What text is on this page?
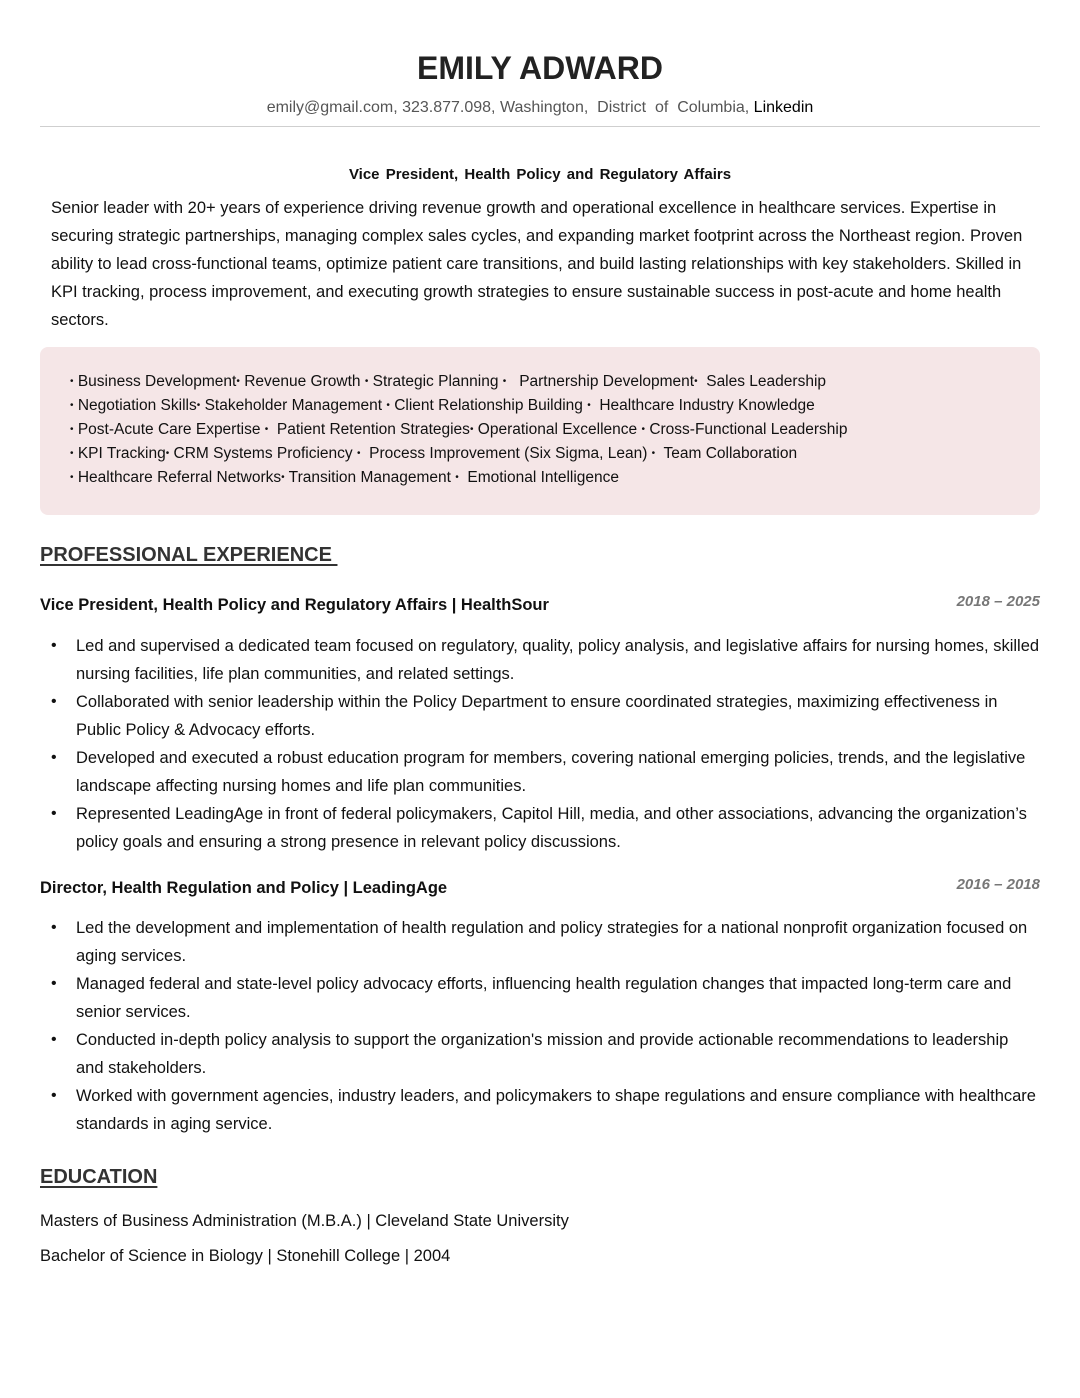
EMILY ADWARD
emily@gmail.com, 323.877.098, Washington,  District  of  Columbia, Linkedin
Vice President, Health Policy and Regulatory Affairs
Senior leader with 20+ years of experience driving revenue growth and operational excellence in healthcare services. Expertise in securing strategic partnerships, managing complex sales cycles, and expanding market footprint across the Northeast region. Proven ability to lead cross-functional teams, optimize patient care transitions, and build lasting relationships with key stakeholders. Skilled in KPI tracking, process improvement, and executing growth strategies to ensure sustainable success in post-acute and home health sectors.
• Business Development• Revenue Growth • Strategic Planning •   Partnership Development•  Sales Leadership
• Negotiation Skills• Stakeholder Management • Client Relationship Building •  Healthcare Industry Knowledge
• Post-Acute Care Expertise •  Patient Retention Strategies• Operational Excellence • Cross-Functional Leadership
• KPI Tracking• CRM Systems Proficiency •  Process Improvement (Six Sigma, Lean) •  Team Collaboration
• Healthcare Referral Networks• Transition Management •  Emotional Intelligence
PROFESSIONAL EXPERIENCE
Vice President, Health Policy and Regulatory Affairs | HealthSour	2018 – 2025
• Led and supervised a dedicated team focused on regulatory, quality, policy analysis, and legislative affairs for nursing homes, skilled nursing facilities, life plan communities, and related settings.
• Collaborated with senior leadership within the Policy Department to ensure coordinated strategies, maximizing effectiveness in Public Policy & Advocacy efforts.
• Developed and executed a robust education program for members, covering national emerging policies, trends, and the legislative landscape affecting nursing homes and life plan communities.
• Represented LeadingAge in front of federal policymakers, Capitol Hill, media, and other associations, advancing the organization’s policy goals and ensuring a strong presence in relevant policy discussions.
Director, Health Regulation and Policy | LeadingAge	2016 – 2018
• Led the development and implementation of health regulation and policy strategies for a national nonprofit organization focused on aging services.
• Managed federal and state-level policy advocacy efforts, influencing health regulation changes that impacted long-term care and senior services.
• Conducted in-depth policy analysis to support the organization's mission and provide actionable recommendations to leadership and stakeholders.
• Worked with government agencies, industry leaders, and policymakers to shape regulations and ensure compliance with healthcare standards in aging service.
EDUCATION
Masters of Business Administration (M.B.A.) | Cleveland State University
Bachelor of Science in Biology | Stonehill College | 2004
